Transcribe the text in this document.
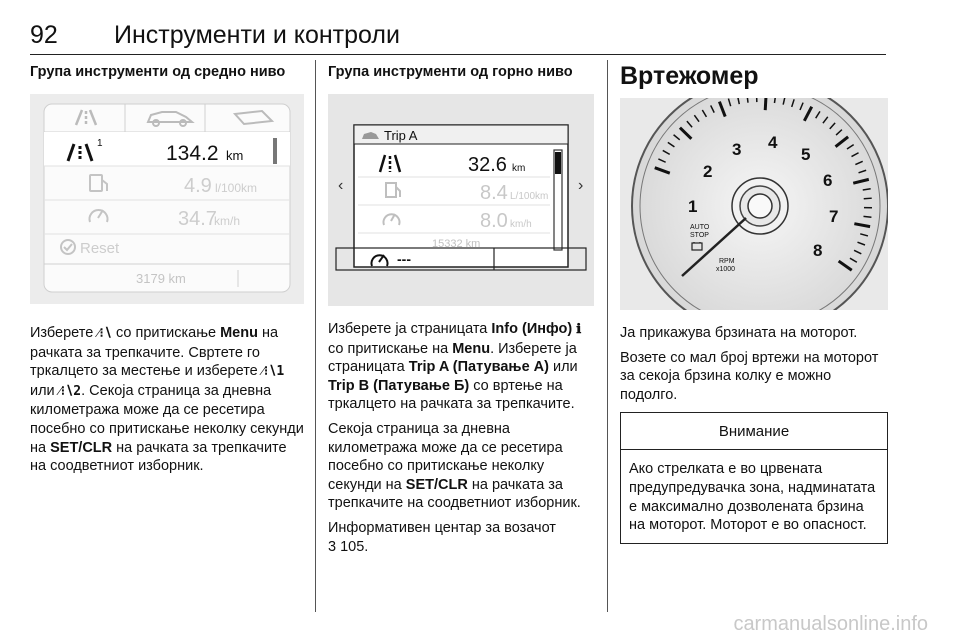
92 Инструменти и контроли
Група инструменти од средно ниво
1	134.2 km
4.9 l/100km
34.7
km/h
Reset
3179 km

Изберете ⁄⁝∖ со притискање Menu на рачката за трепкачите. Свртете го тркалцето за местење и изберете ⁄⁝∖1 или ⁄⁝∖2. Секоја страница за дневна километража може да се ресетира посебно со притискање неколку секунди на SET/CLR на рачката за трепкачите на соодветниот изборник.

Група инструменти од горно ниво
Trip A
‹	›
32.6 km
8.4 L/100km
8.0 km/h
15332 km
---

Изберете ја страницата Info (Инфо) ℹ со притискање на Menu. Изберете ја страницата Trip A (Патување А) или Trip B (Патување Б) со вртење на тркалцето на рачката за трепкачите.

Секоја страница за дневна километража може да се ресетира посебно со притискање неколку секунди на SET/CLR на рачката за трепкачите на соодветниот изборник.

Информативен центар за возачот
3 105.

Вртежомер
1
2
3 4
5
6
7
8
AUTO
STOP
RPM
x1000

Ја прикажува брзината на моторот.

Возете со мал број вртежи на моторот за секоја брзина колку е можно подолго.

Внимание
Ако стрелката е во црвената предупредувачка зона, надминатата е максимално дозволената брзина на моторот. Моторот е во опасност.
carmanualsonline.info
